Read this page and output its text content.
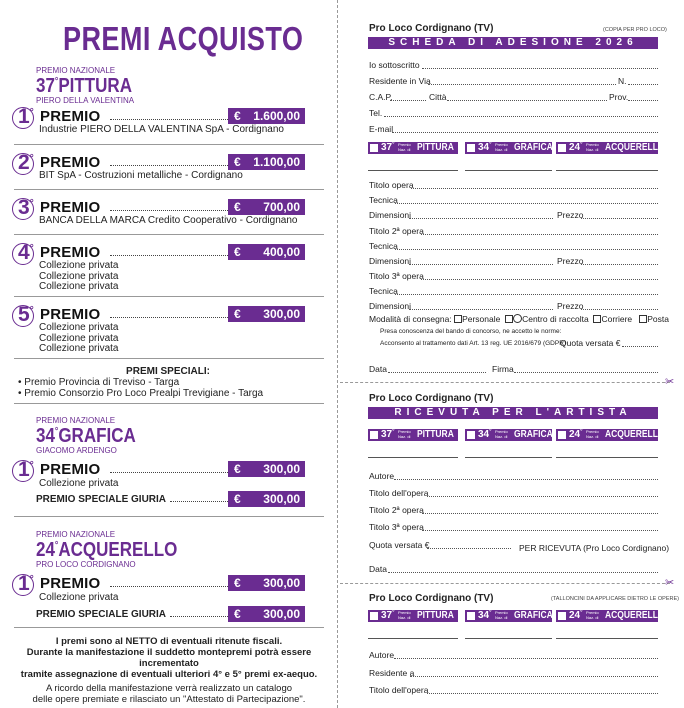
PREMI ACQUISTO
PREMIO NAZIONALE
37°PITTURA
PIERO DELLA VALENTINA
1° PREMIO	€ 1.600,00
Industrie PIERO DELLA VALENTINA SpA - Cordignano
2° PREMIO	€ 1.100,00
BIT SpA - Costruzioni metalliche - Cordignano
3° PREMIO	€ 700,00
BANCA DELLA MARCA Credito Cooperativo - Cordignano
4° PREMIO	€ 400,00
Collezione privata
Collezione privata
Collezione privata
5° PREMIO	€ 300,00
Collezione privata
Collezione privata
Collezione privata
PREMI SPECIALI:
• Premio Provincia di Treviso - Targa
• Premio Consorzio Pro Loco Prealpi Trevigiane - Targa
PREMIO NAZIONALE
34°GRAFICA
GIACOMO ARDENGO
1° PREMIO	€ 300,00
Collezione privata
PREMIO SPECIALE GIURIA	€ 300,00
PREMIO NAZIONALE
24°ACQUERELLO
PRO LOCO CORDIGNANO
1° PREMIO	€ 300,00
Collezione privata
PREMIO SPECIALE GIURIA	€ 300,00
I premi sono al NETTO di eventuali ritenute fiscali.
Durante la manifestazione il suddetto montepremi potrà essere incrementato
tramite assegnazione di eventuali ulteriori 4° e 5° premi ex-aequo.
A ricordo della manifestazione verrà realizzato un catalogo
delle opere premiate e rilasciato un "Attestato di Partecipazione".
Pro Loco Cordignano (TV)	(COPIA PER PRO LOCO)
SCHEDA DI ADESIONE 2026
Io sottoscritto
Residente in Via	N.
C.A.P.	Città	Prov.
Tel.
E-mail
37° Premio
Naz. di PITTURA 34° Premio
Naz. di GRAFICA 24° Premio
Naz. di ACQUERELLO
Titolo opera
Tecnica
Dimensioni	Prezzo
Titolo 2ª opera
Tecnica
Dimensioni	Prezzo
Titolo 3ª opera
Tecnica
Dimensioni	Prezzo
Modalità di consegna: Personale	Centro di raccolta Corriere Posta
Presa conoscenza del bando di concorso, ne accetto le norme:
Acconsento al trattamento dati Art. 13 reg. UE 2016/679 (GDPR)
Quota versata €
Data	Firma
✂
Pro Loco Cordignano (TV)
RICEVUTA PER L'ARTISTA
37° Premio
Naz. di PITTURA 34° Premio
Naz. di GRAFICA 24° Premio
Naz. di ACQUERELLO
Autore
Titolo dell'opera
Titolo 2ª opera
Titolo 3ª opera
Quota versata €	PER RICEVUTA (Pro Loco Cordignano)
Data
✂
Pro Loco Cordignano (TV)	(TALLONCINI DA APPLICARE DIETRO LE OPERE)
37° Premio
Naz. di PITTURA 34° Premio
Naz. di GRAFICA 24° Premio
Naz. di ACQUERELLO
Autore
Residente a
Titolo dell'opera
